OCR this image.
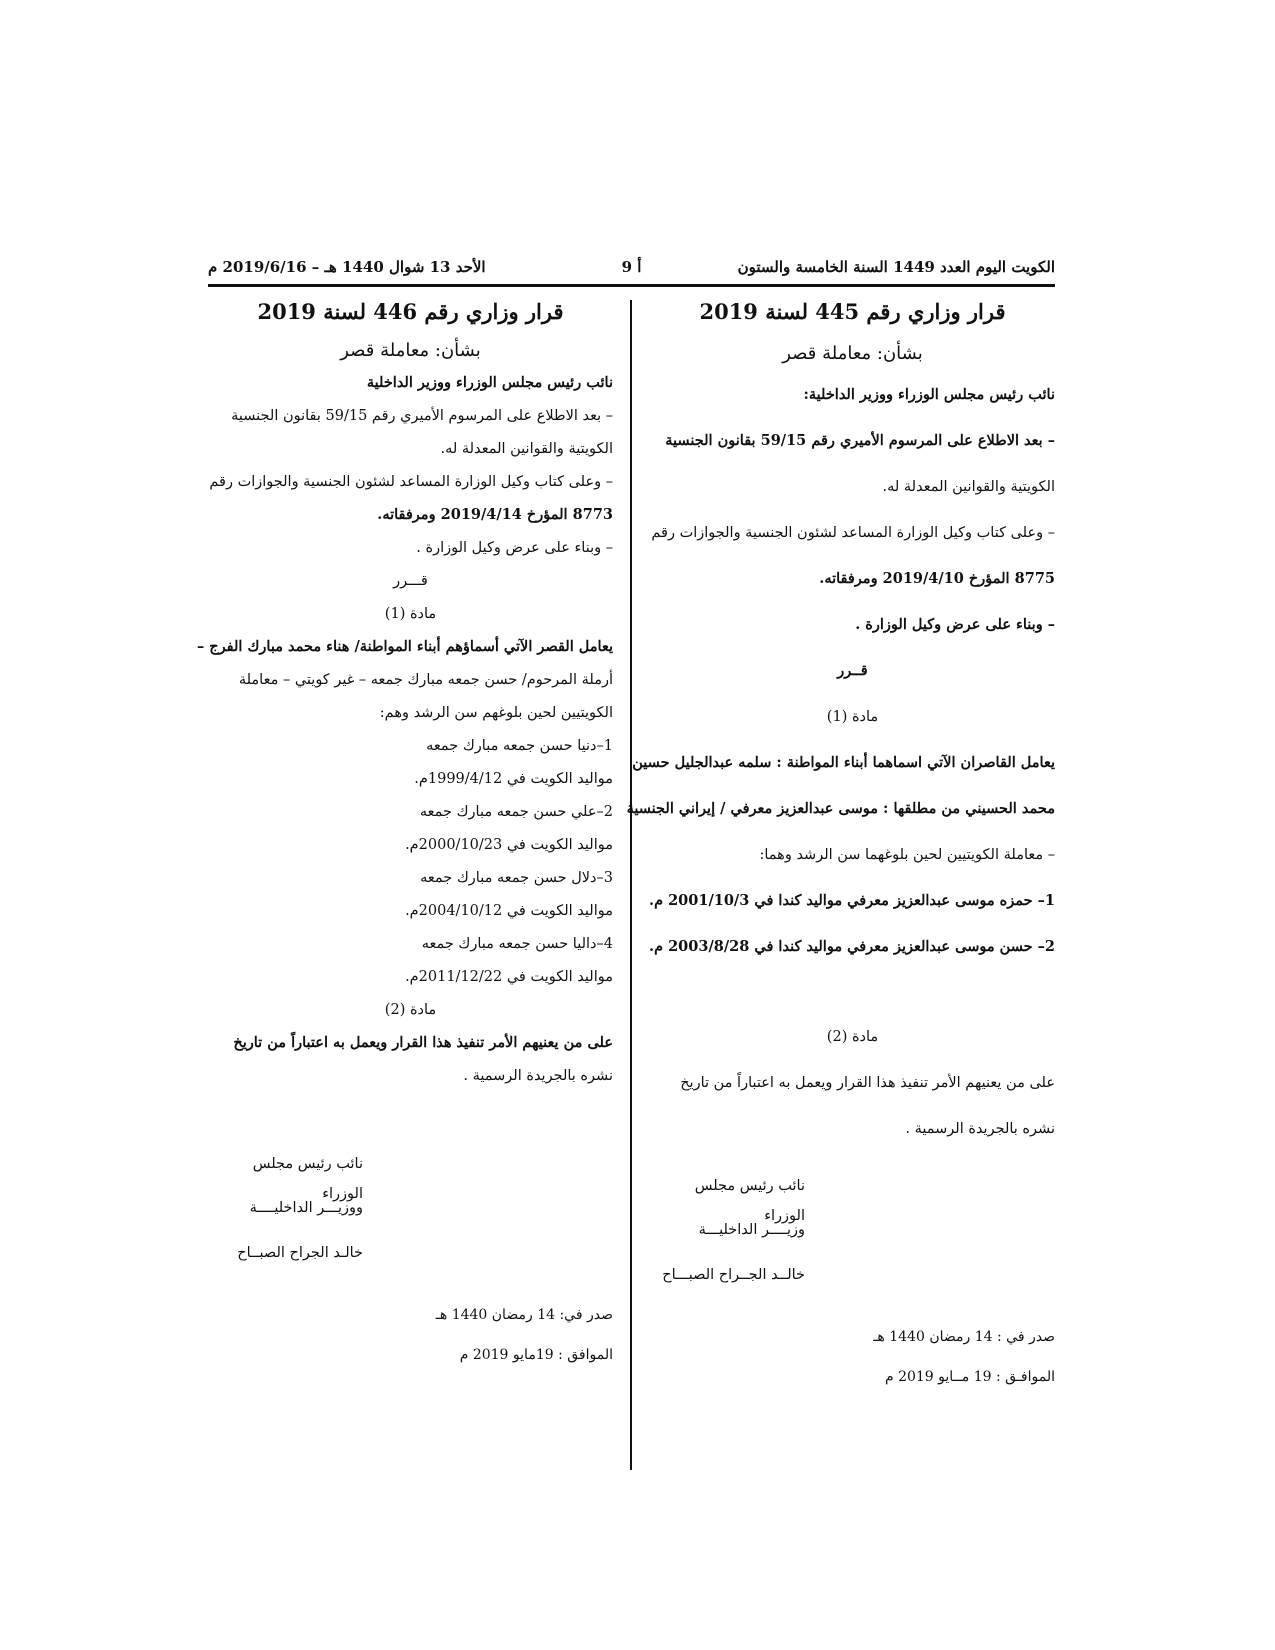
الكويت اليوم العدد 1449 السنة الخامسة والستون
أ 9
الأحد 13 شوال 1440 هـ – 2019/6/16 م

قرار وزاري رقم 445 لسنة 2019

بشأن: معاملة قصر

نائب رئيس مجلس الوزراء ووزير الداخلية:

– بعد الاطلاع على المرسوم الأميري رقم 59/15 بقانون الجنسية

الكويتية والقوانين المعدلة له.

– وعلى كتاب وكيل الوزارة المساعد لشئون الجنسية والجوازات رقم

8775 المؤرخ 2019/4/10 ومرفقاته.

– وبناء على عرض وكيل الوزارة .

قــرر

مادة (1)

يعامل القاصران الآتي اسماهما أبناء المواطنة : سلمه عبدالجليل حسين

محمد الحسيني من مطلقها : موسى عبدالعزيز معرفي / إيراني الجنسية

– معاملة الكويتيين لحين بلوغهما سن الرشد وهما:

1– حمزه موسى عبدالعزيز معرفي مواليد كندا في 2001/10/3 م.

2– حسن موسى عبدالعزيز معرفي مواليد كندا في 2003/8/28 م.

مادة (2)

على من يعنيهم الأمر تنفيذ هذا القرار ويعمل به اعتباراً من تاريخ

نشره بالجريدة الرسمية .

نائب رئيس مجلس الوزراء

وزيــــر الداخليـــة

خالــد الجــراح الصبـــاح

صدر في : 14 رمضان 1440 هـ

الموافـق : 19 مــايو 2019 م

قرار وزاري رقم 446 لسنة 2019

بشأن: معاملة قصر

نائب رئيس مجلس الوزراء ووزير الداخلية

– بعد الاطلاع على المرسوم الأميري رقم 59/15 بقانون الجنسية

الكويتية والقوانين المعدلة له.

– وعلى كتاب وكيل الوزارة المساعد لشئون الجنسية والجوازات رقم

8773 المؤرخ 2019/4/14 ومرفقاته.

– وبناء على عرض وكيل الوزارة .

قـــرر

مادة (1)

يعامل القصر الآتي أسماؤهم أبناء المواطنة/ هناء محمد مبارك الفرج –

أرملة المرحوم/ حسن جمعه مبارك جمعه – غير كويتي – معاملة

الكويتيين لحين بلوغهم سن الرشد وهم:

1–دنيا حسن جمعه مبارك جمعه

مواليد الكويت في 1999/4/12م.

2–علي حسن جمعه مبارك جمعه

مواليد الكويت في 2000/10/23م.

3–دلال حسن جمعه مبارك جمعه

مواليد الكويت في 2004/10/12م.

4–داليا حسن جمعه مبارك جمعه

مواليد الكويت في 2011/12/22م.

مادة (2)

على من يعنيهم الأمر تنفيذ هذا القرار ويعمل به اعتباراً من تاريخ

نشره بالجريدة الرسمية .

نائب رئيس مجلس الوزراء

ووزيـــر الداخليــــة

خالـد الجراح الصبــاح

صدر في: 14 رمضان 1440 هـ

الموافق : 19مايو 2019 م
